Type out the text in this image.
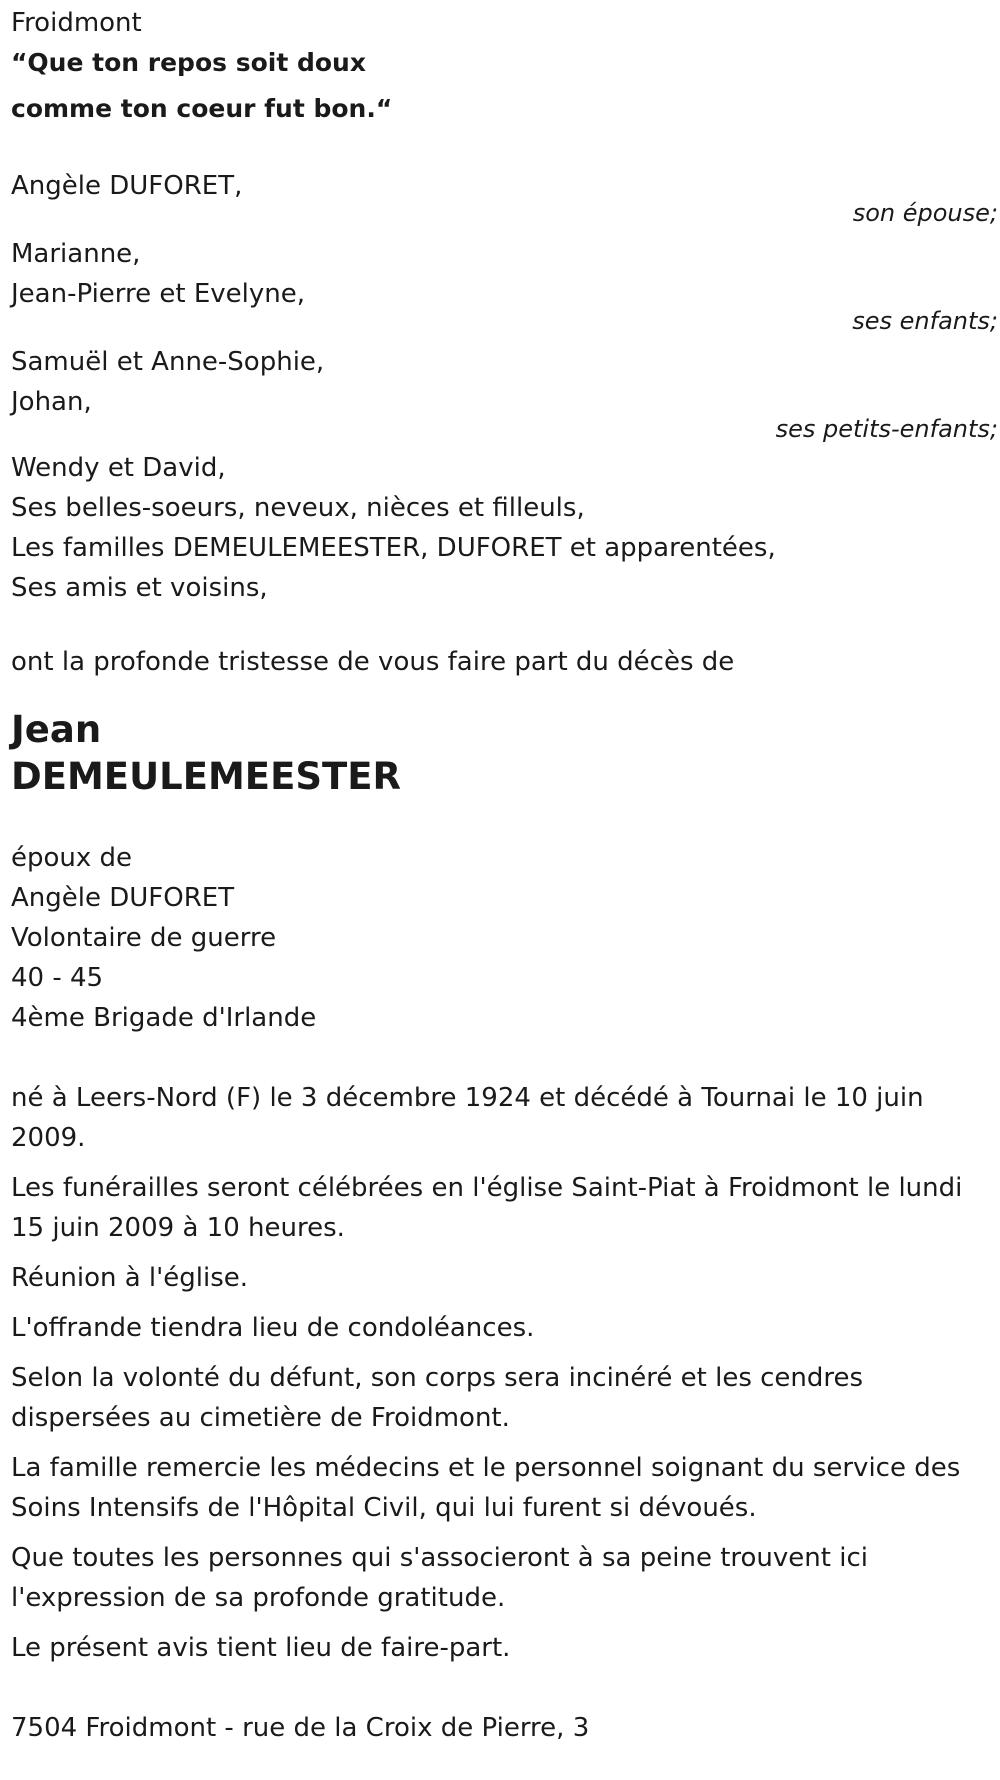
Froidmont
“Que ton repos soit doux
comme ton coeur fut bon.“
Angèle DUFORET,
son épouse;
Marianne,
Jean-Pierre et Evelyne,
ses enfants;
Samuël et Anne-Sophie,
Johan,
ses petits-enfants;
Wendy et David,
Ses belles-soeurs, neveux, nièces et filleuls,
Les familles DEMEULEMEESTER, DUFORET et apparentées,
Ses amis et voisins,
ont la profonde tristesse de vous faire part du décès de
Jean
DEMEULEMEESTER
époux de
Angèle DUFORET
Volontaire de guerre
40 - 45
4ème Brigade d'Irlande
né à Leers-Nord (F) le 3 décembre 1924 et décédé à Tournai le 10 juin 2009.
Les funérailles seront célébrées en l'église Saint-Piat à Froidmont le lundi 15 juin 2009 à 10 heures.
Réunion à l'église.
L'offrande tiendra lieu de condoléances.
Selon la volonté du défunt, son corps sera incinéré et les cendres dispersées au cimetière de Froidmont.
La famille remercie les médecins et le personnel soignant du service des Soins Intensifs de l'Hôpital Civil, qui lui furent si dévoués.
Que toutes les personnes qui s'associeront à sa peine trouvent ici l'expression de sa profonde gratitude.
Le présent avis tient lieu de faire-part.
7504 Froidmont - rue de la Croix de Pierre, 3
